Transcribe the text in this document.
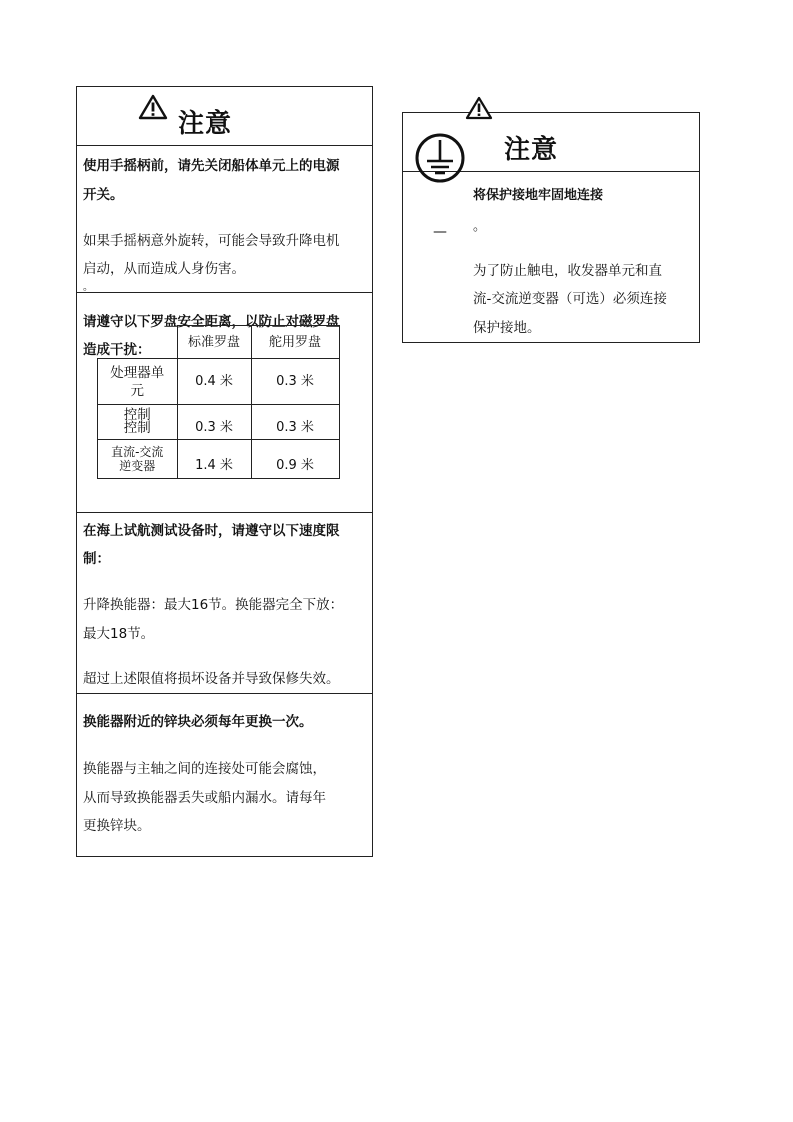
注意
使用手摇柄前，请先关闭船体单元上的电源
开关。
如果手摇柄意外旋转，可能会导致升降电机
启动，从而造成人身伤害。
。
请遵守以下罗盘安全距离，以防止对磁罗盘
造成干扰：
		标准罗盘	舵用罗盘

处理器单
元	0.4 米	0.3 米

控制
控制	0.3 米	0.3 米

直流-交流
逆变器	1.4 米	0.9 米
在海上试航测试设备时，请遵守以下速度限
制：
升降换能器：最大16节。换能器完全下放：
最大18节。
超过上述限值将损坏设备并导致保修失效。
换能器附近的锌块必须每年更换一次。
换能器与主轴之间的连接处可能会腐蚀，
从而导致换能器丢失或船内漏水。请每年
更换锌块。
注意
将保护接地牢固地连接
— 。
为了防止触电，收发器单元和直
流-交流逆变器（可选）必须连接
保护接地。
